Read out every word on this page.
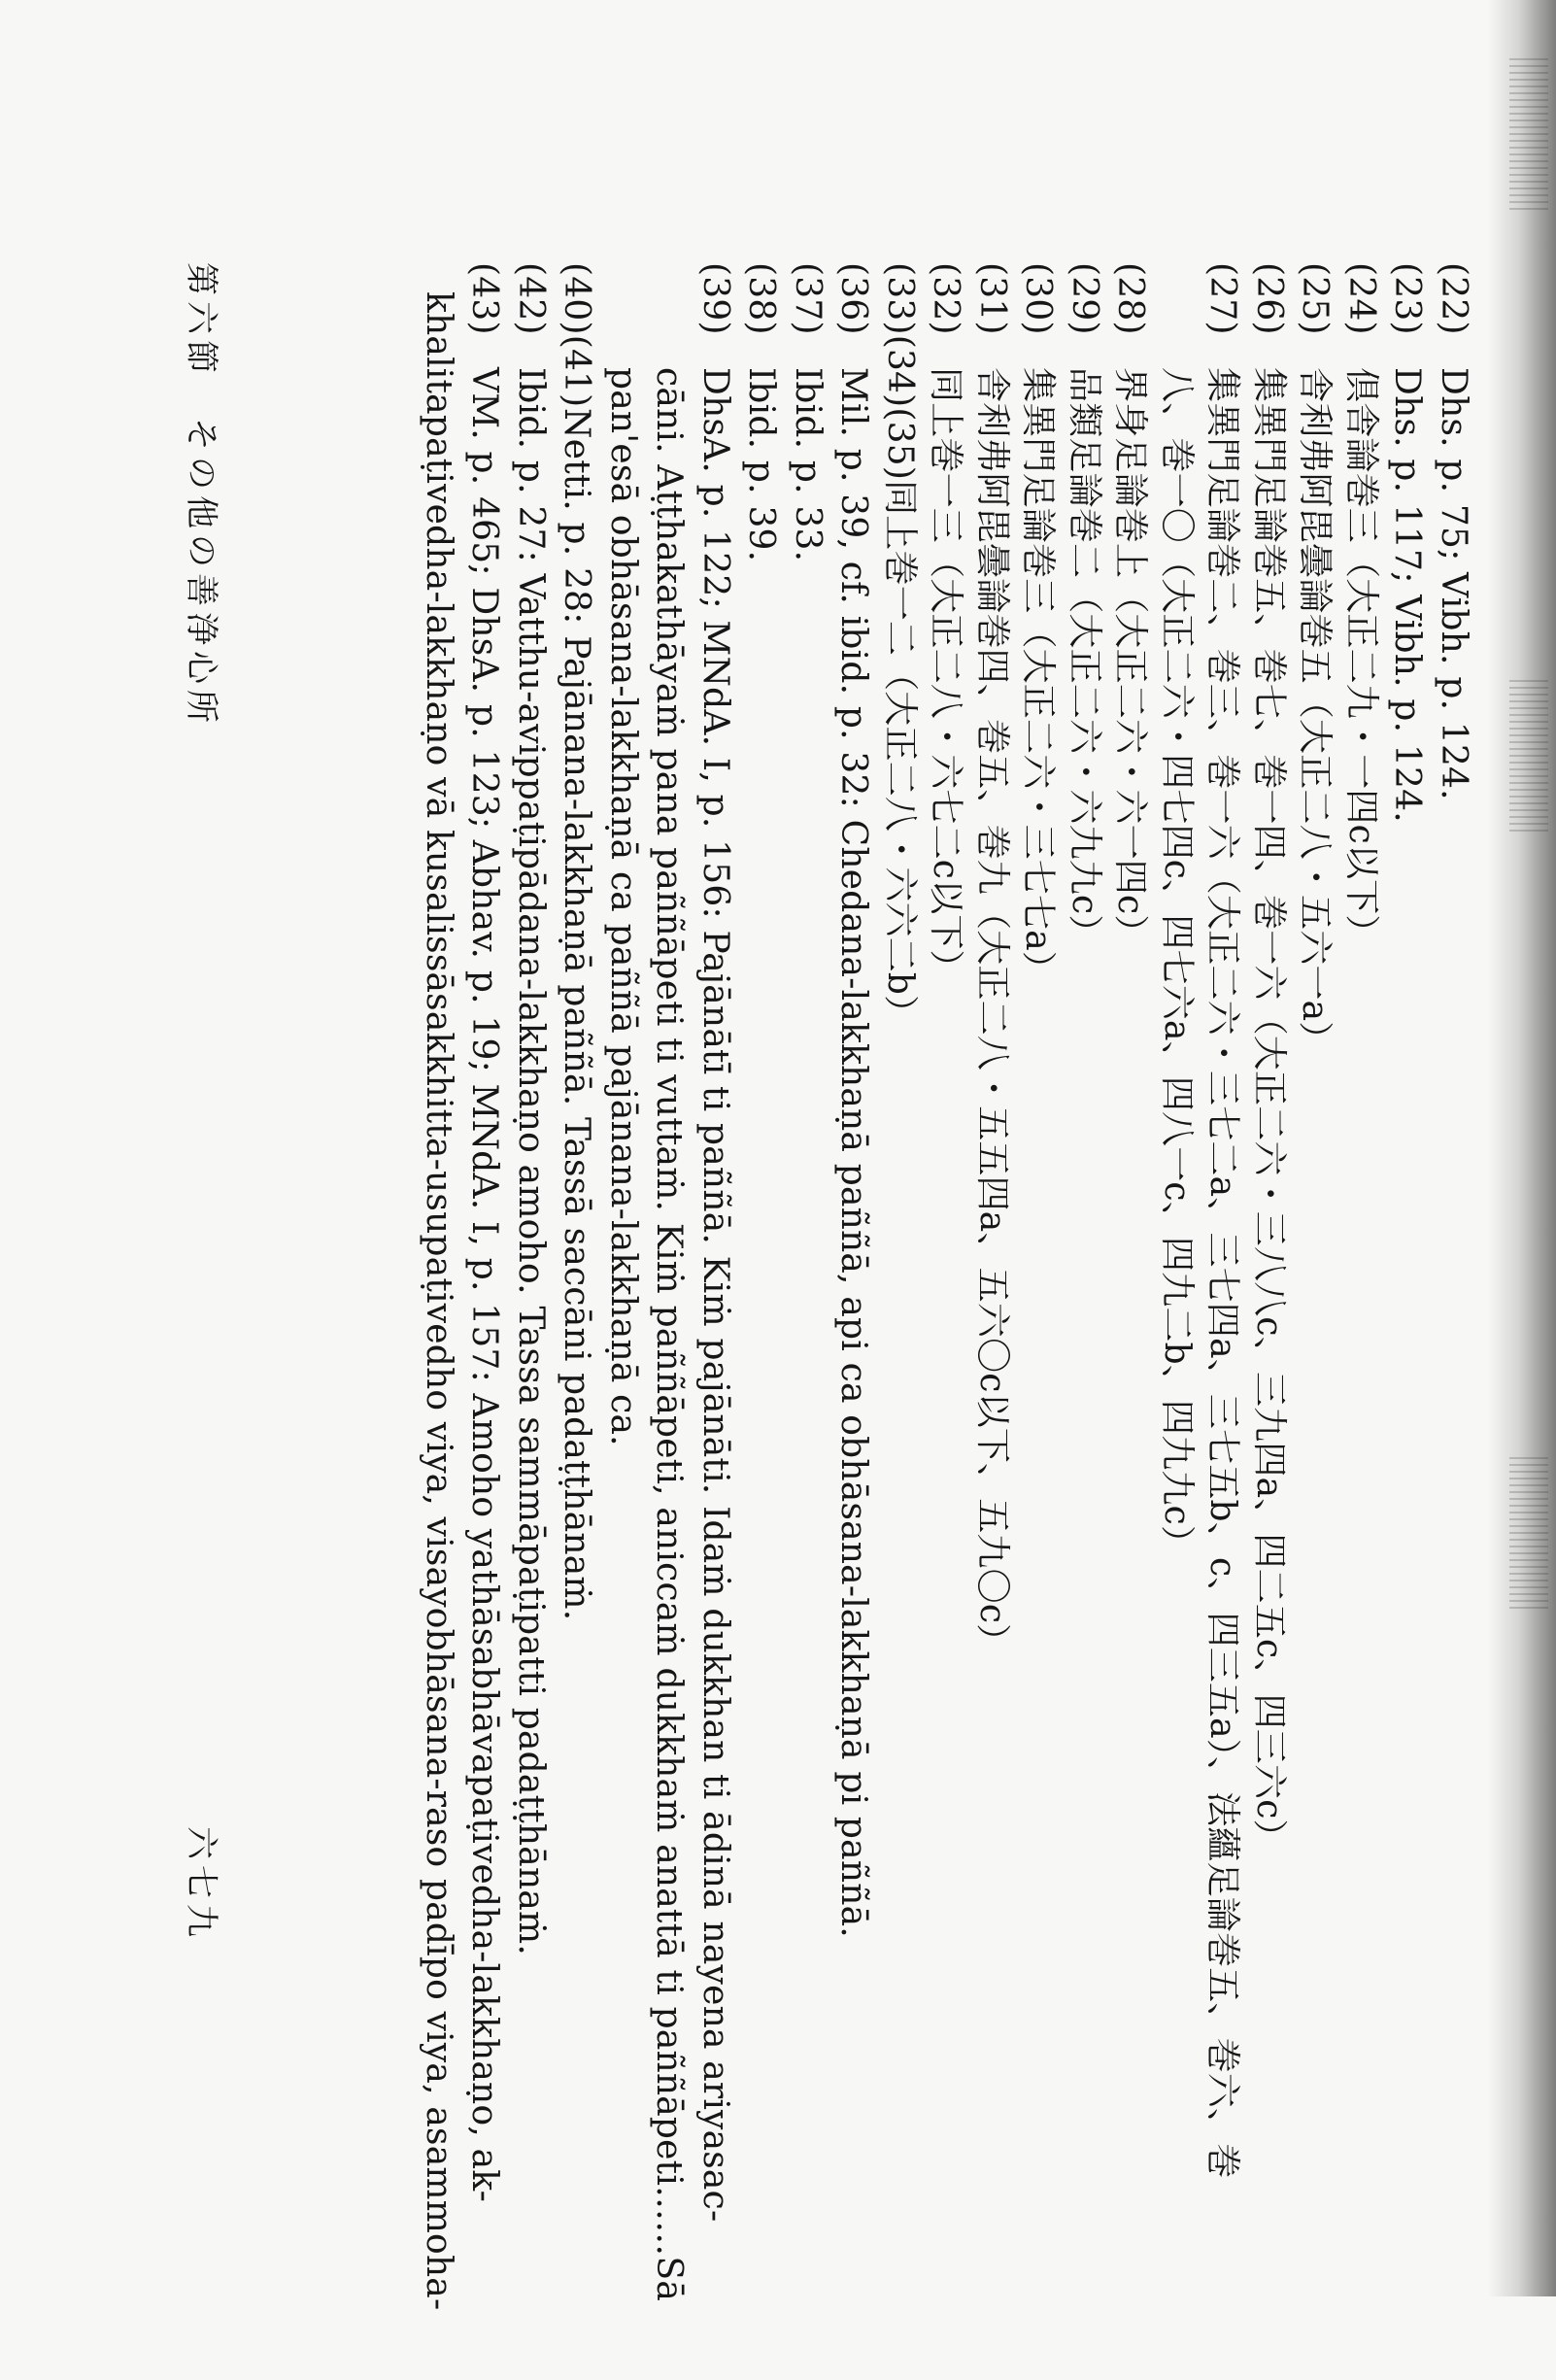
(22)Dhs. p. 75; Vibh. p. 124.
(23)Dhs. p. 117; Vibh. p. 124.
(24)倶舎論巻三（大正二九・一四c以下）
(25)舎利弗阿毘曇論巻五（大正二八・五六一a）
(26)集異門足論巻五、巻七、巻一四、巻一六（大正二六・三八八c、三九四a、四二五c、四三六c）
(27)集異門足論巻二、巻三、巻一六（大正二六・三七二a、三七四a、三七五b、c、四三五a）、法蘊足論巻五、巻六、巻
八、巻一〇（大正二六・四七四c、四七六a、四八一c、四九二b、四九九c）
(28)界身足論巻上（大正二六・六一四c）
(29)品類足論巻二（大正二六・六九九c）
(30)集異門足論巻三（大正二六・三七七a）
(31)舎利弗阿毘曇論巻四、巻五、巻九（大正二八・五五四a、五六〇c以下、五九〇c）
(32)同上巻一三（大正二八・六七二c以下）
(33)(34)(35)同上巻一二（大正二八・六六二b）
(36)Mil. p. 39, cf. ibid. p. 32: Chedana-lakkhaṇā paññā, api ca obhāsana-lakkhaṇā pi paññā.
(37)Ibid. p. 33.
(38)Ibid. p. 39.
(39)DhsA. p. 122; MNdA. I, p. 156: Pajānātī ti paññā. Kiṁ pajānāti. Idaṁ dukkhan ti ādinā nayena ariyasac-
cāni. Aṭṭhakathāyaṁ pana paññāpeti ti vuttaṁ. Kiṁ paññāpeti, aniccaṁ dukkhaṁ anattā ti paññāpeti……Sā
pan'esā obhāsana-lakkhaṇā ca paññā pajānana-lakkhaṇā ca.
(40)(41)Netti. p. 28: Pajānana-lakkhaṇā paññā. Tassā saccāni padaṭṭhānaṁ.
(42)Ibid. p. 27: Vatthu-avippaṭipādana-lakkhaṇo amoho. Tassa sammāpaṭipatti padaṭṭhānaṁ.
(43)VM. p. 465; DhsA. p. 123; Abhav. p. 19; MNdA. I, p. 157: Amoho yathāsabhāvapaṭivedha-lakkhaṇo, ak-
khalitapaṭivedha-lakkhaṇo vā kusalissāsakkhitta-usupaṭivedho viya, visayobhāsana-raso padīpo viya, asammoha-
第六節　その他の善浄心所
六七九
